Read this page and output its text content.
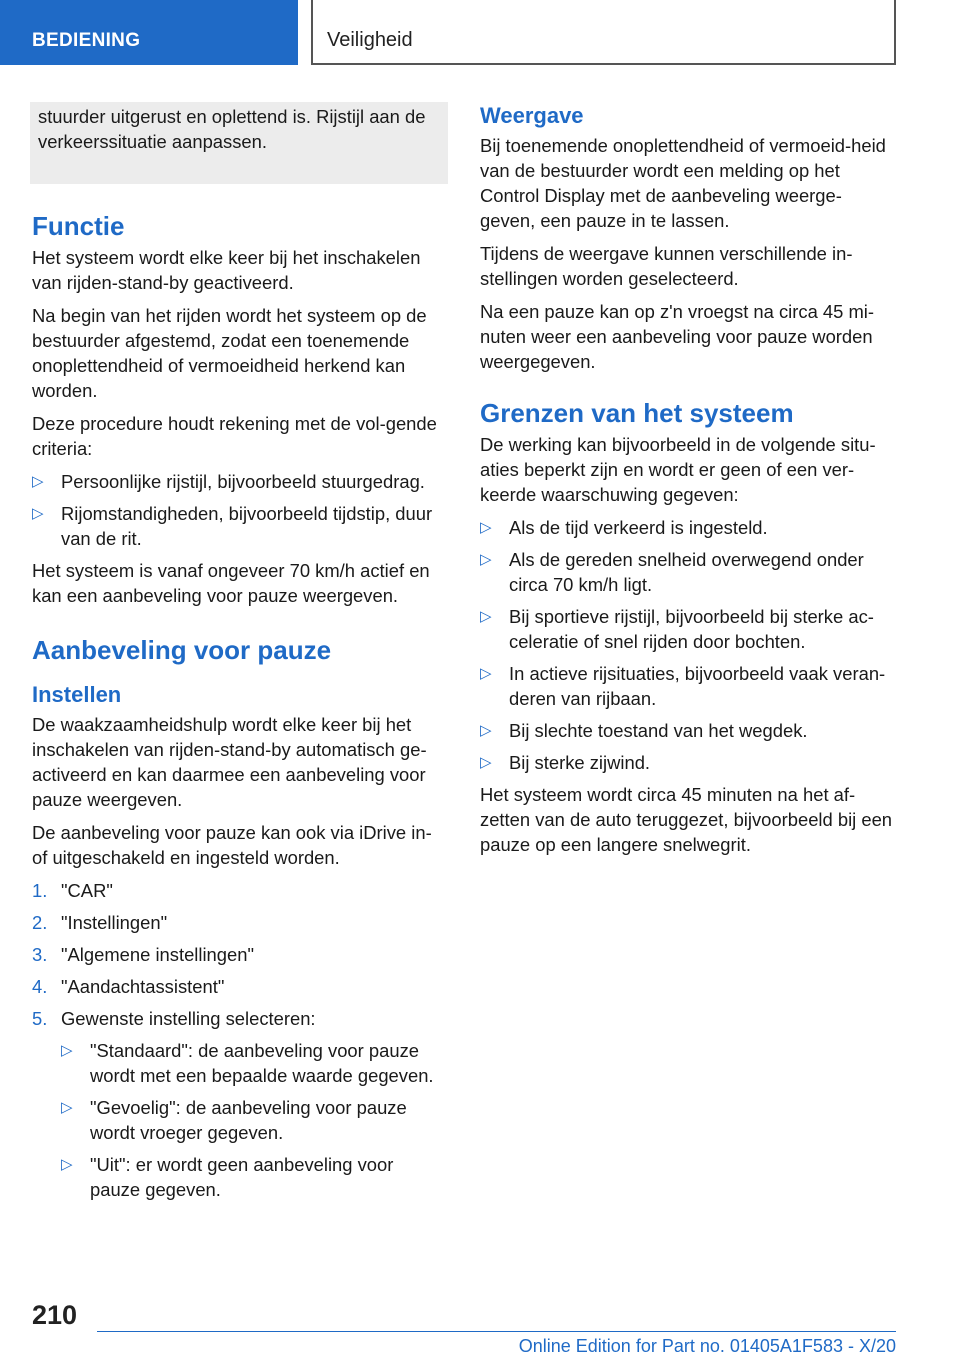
BEDIENING	Veiligheid

stuurder uitgerust en oplettend is. Rijstijl aan de verkeerssituatie aanpassen.

Functie

Het systeem wordt elke keer bij het inschakelen van rijden-stand-by geactiveerd.

Na begin van het rijden wordt het systeem op de bestuurder afgestemd, zodat een toenemende onoplettendheid of vermoeidheid herkend kan worden.

Deze procedure houdt rekening met de vol-gende criteria:

▷ Persoonlijke rijstijl, bijvoorbeeld stuurgedrag.
▷ Rijomstandigheden, bijvoorbeeld tijdstip, duur van de rit.

Het systeem is vanaf ongeveer 70 km/h actief en kan een aanbeveling voor pauze weergeven.

Aanbeveling voor pauze
Instellen

De waakzaamheidshulp wordt elke keer bij het inschakelen van rijden-stand-by automatisch ge-activeerd en kan daarmee een aanbeveling voor pauze weergeven.

De aanbeveling voor pauze kan ook via iDrive in- of uitgeschakeld en ingesteld worden.

1. "CAR"
2. "Instellingen"
3. "Algemene instellingen"
4. "Aandachtassistent"
5. Gewenste instelling selecteren:
▷ "Standaard": de aanbeveling voor pauze wordt met een bepaalde waarde gegeven.
▷ "Gevoelig": de aanbeveling voor pauze wordt vroeger gegeven.
▷ "Uit": er wordt geen aanbeveling voor pauze gegeven.
Weergave

Bij toenemende onoplettendheid of vermoeid-heid van de bestuurder wordt een melding op het Control Display met de aanbeveling weerge-geven, een pauze in te lassen.

Tijdens de weergave kunnen verschillende in-stellingen worden geselecteerd.

Na een pauze kan op z'n vroegst na circa 45 mi-nuten weer een aanbeveling voor pauze worden weergegeven.

Grenzen van het systeem

De werking kan bijvoorbeeld in de volgende situ-aties beperkt zijn en wordt er geen of een ver-keerde waarschuwing gegeven:

▷ Als de tijd verkeerd is ingesteld.
▷ Als de gereden snelheid overwegend onder circa 70 km/h ligt.
▷ Bij sportieve rijstijl, bijvoorbeeld bij sterke ac-celeratie of snel rijden door bochten.
▷ In actieve rijsituaties, bijvoorbeeld vaak veran-deren van rijbaan.
▷ Bij slechte toestand van het wegdek.
▷ Bij sterke zijwind.

Het systeem wordt circa 45 minuten na het af-zetten van de auto teruggezet, bijvoorbeeld bij een pauze op een langere snelwegrit.

210
Online Edition for Part no. 01405A1F583 - X/20
